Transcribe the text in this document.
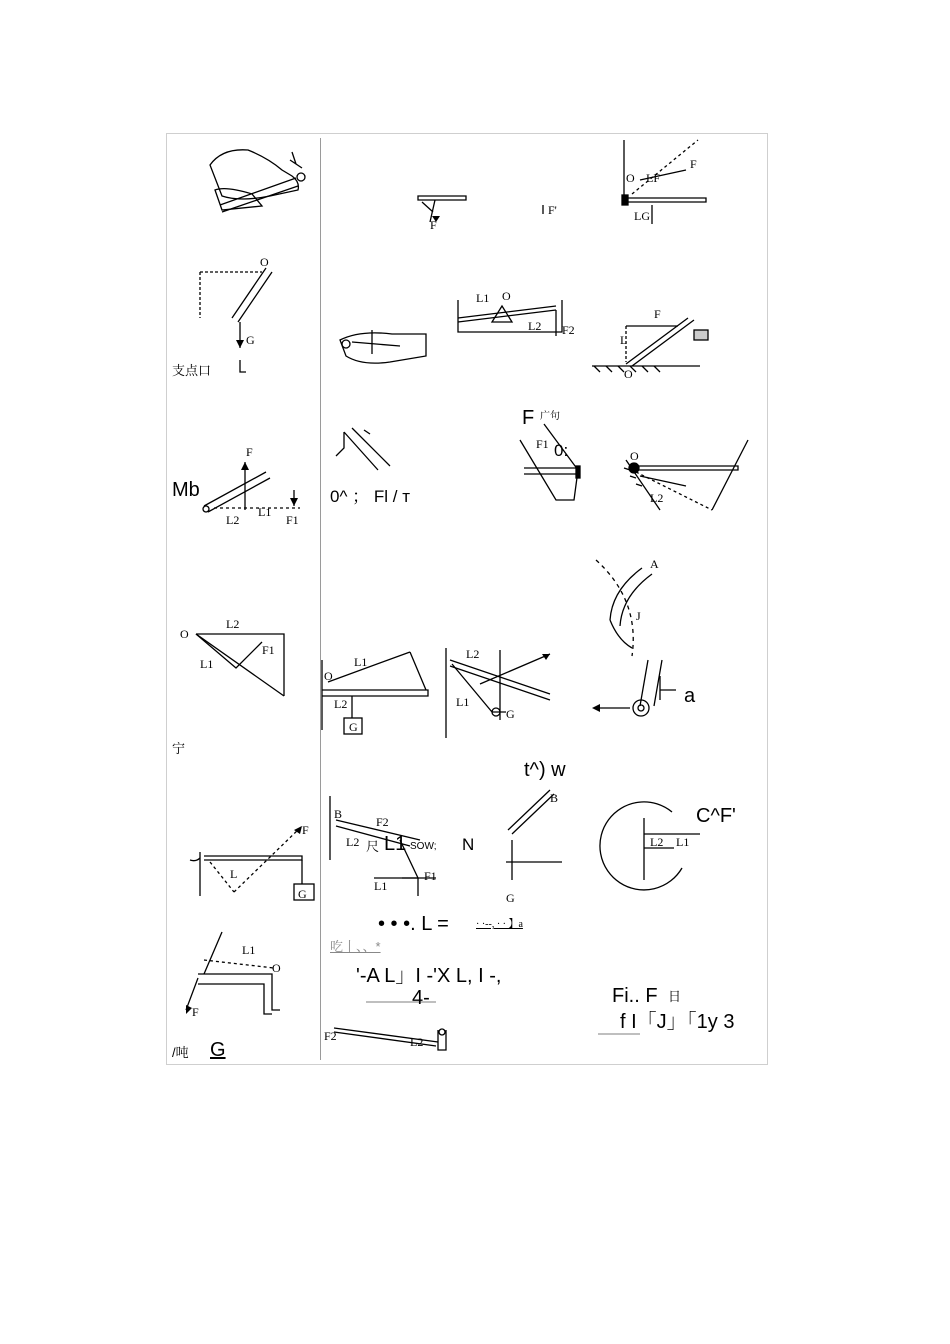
F
F'
F
O LF
LG
O
G
L1 O
L2 F2
L
O
F
F1
O
L2
L1
L2	F1
F
A
J
O
L2
L1
F1
O
L2
G
L1
L2
L1
G
B
F2
L2
L1
F1
B
G
L2 L1
F
L
G
L1
O
F
F2	L2
支点口
Mb	0^ ； Fl / т
F 广句
0:
宁
a
t^) w
C^F'
尺 L1 SOW; N
• • •. L =	· ·--, · · 】a
吃丨、、*
'-A L」I -'X L, I -,
4-	Fi.. F 日
f I「J」「1y 3
/吨 G
